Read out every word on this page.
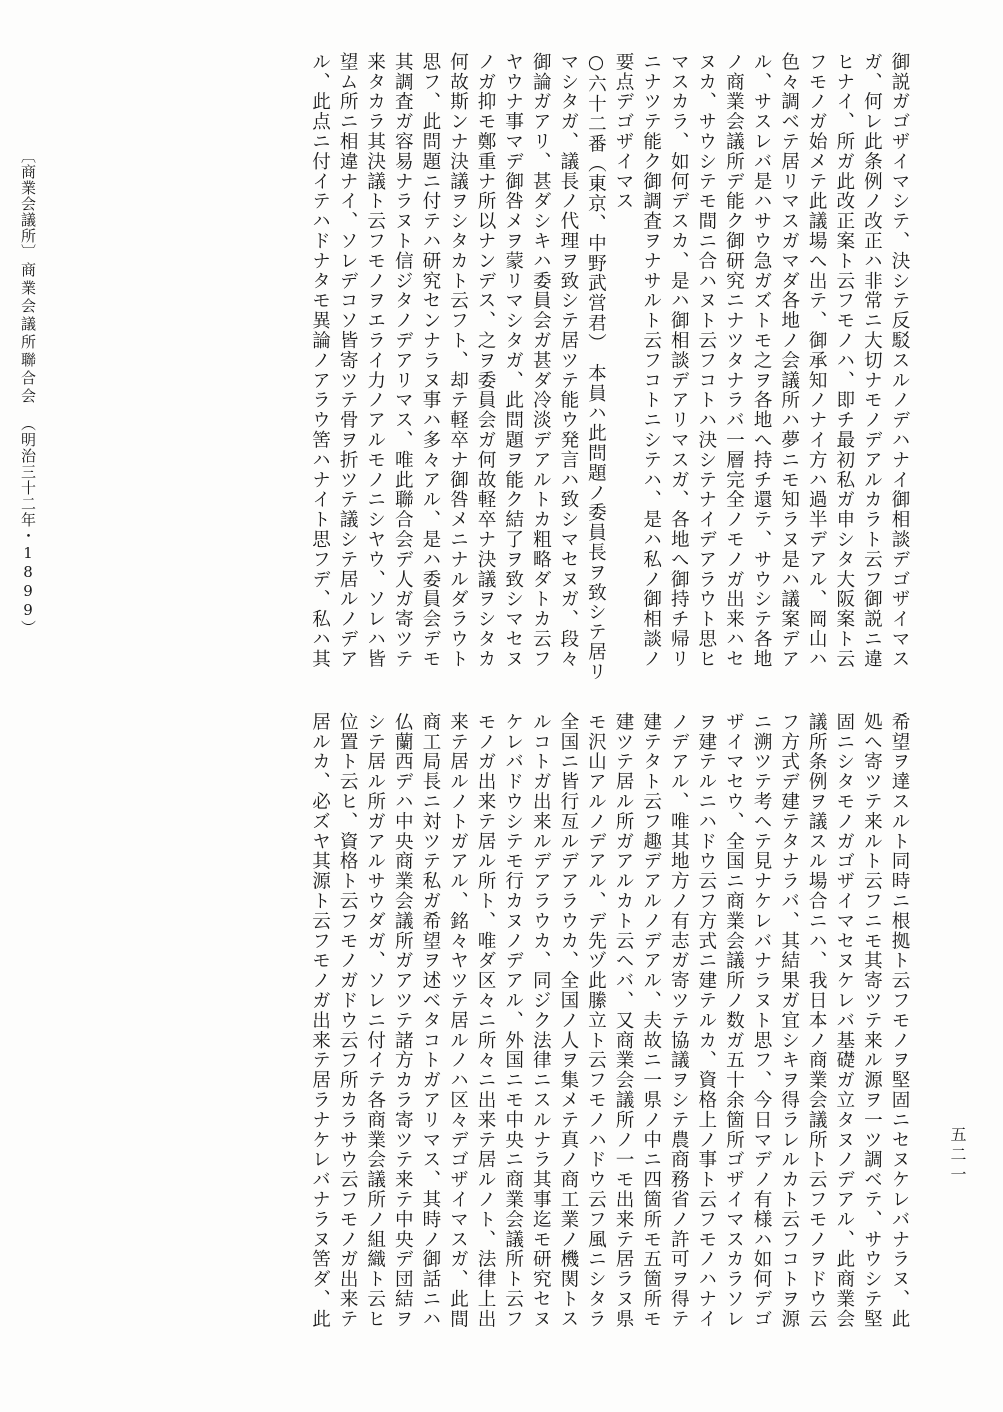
〔商業会議所〕
商業会議所聯合会（明治三十二年・1899）	御説ガゴザイマシテ、決シテ反駁スルノデハナイ御相談デゴザイマス
ガ、何レ此条例ノ改正ハ非常ニ大切ナモノデアルカラト云フ御説ニ違
ヒナイ、所ガ此改正案ト云フモノハ、即チ最初私ガ申シタ大阪案ト云
フモノガ始メテ此議場へ出テ、御承知ノナイ方ハ過半デアル、岡山ハ
色々調ベテ居リマスガマダ各地ノ会議所ハ夢ニモ知ラヌ是ハ議案デア
ル、サスレバ是ハサウ急ガズトモ之ヲ各地へ持チ還テ、サウシテ各地
ノ商業会議所デ能ク御研究ニナツタナラバ一層完全ノモノガ出来ハセ
ヌカ、サウシテモ間ニ合ハヌト云フコトハ決シテナイデアラウト思ヒ
マスカラ、如何デスカ、是ハ御相談デアリマスガ、各地へ御持チ帰リ
ニナツテ能ク御調査ヲナサルト云フコトニシテハ、是ハ私ノ御相談ノ
要点デゴザイマス
○六十二番（東京、中野武営君）　本員ハ此問題ノ委員長ヲ致シテ居リ
マシタガ、議長ノ代理ヲ致シテ居ツテ能ウ発言ハ致シマセヌガ、段々
御論ガアリ、甚ダシキハ委員会ガ甚ダ冷淡デアルトカ粗略ダトカ云フ
ヤウナ事マデ御咎メヲ蒙リマシタガ、此問題ヲ能ク結了ヲ致シマセヌ
ノガ抑モ鄭重ナ所以ナンデス、之ヲ委員会ガ何故軽卒ナ決議ヲシタカ
何故斯ンナ決議ヲシタカト云フト、却テ軽卒ナ御咎メニナルダラウト
思フ、此問題ニ付テハ研究センナラヌ事ハ多々アル、是ハ委員会デモ
其調査ガ容易ナラヌト信ジタノデアリマス、唯此聯合会デ人ガ寄ツテ
来タカラ其決議ト云フモノヲエライ力ノアルモノニシヤウ、ソレハ皆
望ム所ニ相違ナイ、ソレデコソ皆寄ツテ骨ヲ折ツテ議シテ居ルノデア
ル、此点ニ付イテハドナタモ異論ノアラウ筈ハナイト思フデ、私ハ其
希望ヲ達スルト同時ニ根拠ト云フモノヲ堅固ニセヌケレバナラヌ、此
処へ寄ツテ来ルト云フニモ其寄ツテ来ル源ヲ一ツ調ベテ、サウシテ堅
固ニシタモノガゴザイマセヌケレバ基礎ガ立タヌノデアル、此商業会
議所条例ヲ議スル場合ニハ、我日本ノ商業会議所ト云フモノヲドウ云
フ方式デ建テタナラバ、其結果ガ宜シキヲ得ラレルカト云フコトヲ源
ニ溯ツテ考ヘテ見ナケレバナラヌト思フ、今日マデノ有様ハ如何デゴ
ザイマセウ、全国ニ商業会議所ノ数ガ五十余箇所ゴザイマスカラソレ
ヲ建テルニハドウ云フ方式ニ建テルカ、資格上ノ事ト云フモノハナイ
ノデアル、唯其地方ノ有志ガ寄ツテ協議ヲシテ農商務省ノ許可ヲ得テ
建テタト云フ趣デアルノデアル、夫故ニ一県ノ中ニ四箇所モ五箇所モ
建ツテ居ル所ガアルカト云ヘバ、又商業会議所ノ一モ出来テ居ラヌ県
モ沢山アルノデアル、デ先ヅ此縢立ト云フモノハドウ云フ風ニシタラ
全国ニ皆行亙ルデアラウカ、全国ノ人ヲ集メテ真ノ商工業ノ機関トス
ルコトガ出来ルデアラウカ、同ジク法律ニスルナラ其事迄モ研究セヌ
ケレバドウシテモ行カヌノデアル、外国ニモ中央ニ商業会議所ト云フ
モノガ出来テ居ル所ト、唯ダ区々ニ所々ニ出来テ居ルノト、法律上出
来テ居ルノトガアル、銘々ヤツテ居ルノハ区々デゴザイマスガ、此間
商工局長ニ対ツテ私ガ希望ヲ述ベタコトガアリマス、其時ノ御話ニハ
仏蘭西デハ中央商業会議所ガアツテ諸方カラ寄ツテ来テ中央デ団結ヲ
シテ居ル所ガアルサウダガ、ソレニ付イテ各商業会議所ノ組織ト云ヒ
位置ト云ヒ、資格ト云フモノガドウ云フ所カラサウ云フモノガ出来テ
居ルカ、必ズヤ其源ト云フモノガ出来テ居ラナケレバナラヌ筈ダ、此	五二一
